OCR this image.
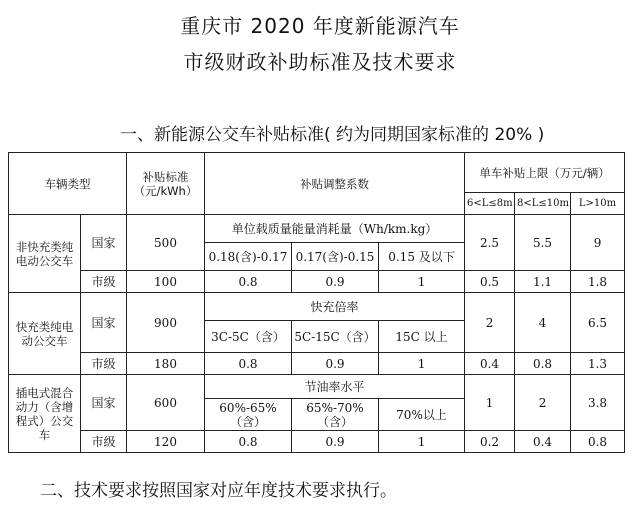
重庆市 2020 年度新能源汽车
市级财政补助标准及技术要求
一、新能源公交车补贴标准( 约为同期国家标准的 20% )
车辆类型		补贴标准（元/kWh）	补贴调整系数			单车补贴上限（万元/辆）		
						6<L≤8m	8<L≤10m	L>10m
非快充类纯电动公交车	国家	500	单位载质量能量消耗量（Wh/km.kg）			2.5	5.5	9
			0.18(含)-0.17	0.17(含)-0.15	0.15 及以下			
	市级	100	0.8	0.9	1	0.5	1.1	1.8
快充类纯电动公交车	国家	900	快充倍率			2	4	6.5
			3C-5C（含）	5C-15C（含）	15C 以上			
	市级	180	0.8	0.9	1	0.4	0.8	1.3
插电式混合动力（含增程式）公交车	国家	600	节油率水平			1	2	3.8
			60%-65%（含）	65%-70%（含）	70%以上			
	市级	120	0.8	0.9	1	0.2	0.4	0.8
二、技术要求按照国家对应年度技术要求执行。
